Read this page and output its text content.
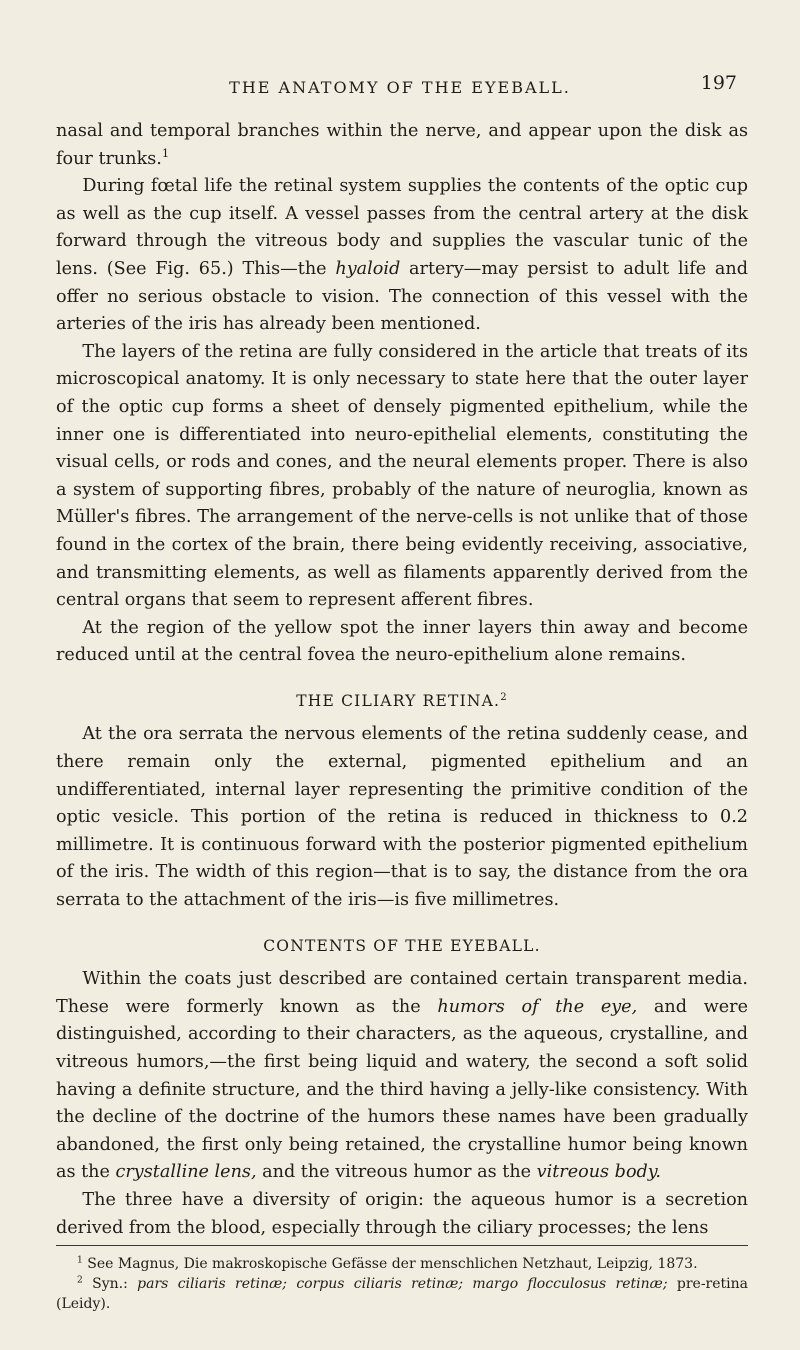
THE ANATOMY OF THE EYEBALL.	197

nasal and temporal branches within the nerve, and appear upon the disk as four trunks.$^1$

During fœtal life the retinal system supplies the contents of the optic cup as well as the cup itself. A vessel passes from the central artery at the disk forward through the vitreous body and supplies the vascular tunic of the lens. (See Fig. 65.) This—the hyaloid artery—may persist to adult life and offer no serious obstacle to vision. The connection of this vessel with the arteries of the iris has already been mentioned.

The layers of the retina are fully considered in the article that treats of its microscopical anatomy. It is only necessary to state here that the outer layer of the optic cup forms a sheet of densely pigmented epithelium, while the inner one is differentiated into neuro-epithelial elements, constituting the visual cells, or rods and cones, and the neural elements proper. There is also a system of supporting fibres, probably of the nature of neuroglia, known as Müller's fibres. The arrangement of the nerve-cells is not unlike that of those found in the cortex of the brain, there being evidently receiving, associative, and transmitting elements, as well as filaments apparently derived from the central organs that seem to represent afferent fibres.

At the region of the yellow spot the inner layers thin away and become reduced until at the central fovea the neuro-epithelium alone remains.

THE CILIARY RETINA.$^2$

At the ora serrata the nervous elements of the retina suddenly cease, and there remain only the external, pigmented epithelium and an undifferentiated, internal layer representing the primitive condition of the optic vesicle. This portion of the retina is reduced in thickness to 0.2 millimetre. It is continuous forward with the posterior pigmented epithelium of the iris. The width of this region—that is to say, the distance from the ora serrata to the attachment of the iris—is five millimetres.

CONTENTS OF THE EYEBALL.

Within the coats just described are contained certain transparent media. These were formerly known as the humors of the eye, and were distinguished, according to their characters, as the aqueous, crystalline, and vitreous humors,—the first being liquid and watery, the second a soft solid having a definite structure, and the third having a jelly-like consistency. With the decline of the doctrine of the humors these names have been gradually abandoned, the first only being retained, the crystalline humor being known as the crystalline lens, and the vitreous humor as the vitreous body.

The three have a diversity of origin: the aqueous humor is a secretion derived from the blood, especially through the ciliary processes; the lens

$^1$ See Magnus, Die makroskopische Gefässe der menschlichen Netzhaut, Leipzig, 1873.

$^2$ Syn.: pars ciliaris retinæ; corpus ciliaris retinæ; margo flocculosus retinæ; pre-retina (Leidy).
